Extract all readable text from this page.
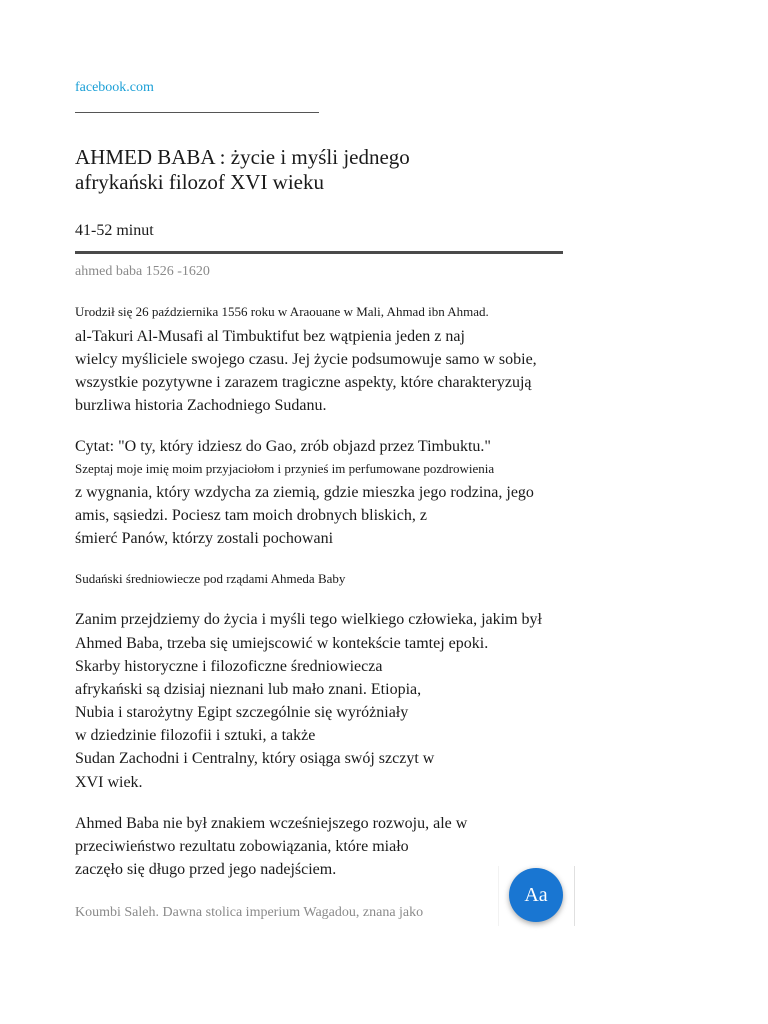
facebook.com
AHMED BABA : życie i myśli jednego
afrykański filozof XVI wieku
41-52 minut
ahmed baba 1526 -1620
Urodził się 26 października 1556 roku w Araouane w Mali, Ahmad ibn Ahmad.
al-Takuri Al-Musafi al Timbuktifut bez wątpienia jeden z naj
wielcy myśliciele swojego czasu. Jej życie podsumowuje samo w sobie,
wszystkie pozytywne i zarazem tragiczne aspekty, które charakteryzują
burzliwa historia Zachodniego Sudanu.
Cytat: "O ty, który idziesz do Gao, zrób objazd przez Timbuktu."
Szeptaj moje imię moim przyjaciołom i przynieś im perfumowane pozdrowienia
z wygnania, który wzdycha za ziemią, gdzie mieszka jego rodzina, jego
amis, sąsiedzi. Pociesz tam moich drobnych bliskich, z
śmierć Panów, którzy zostali pochowani
Sudański średniowiecze pod rządami Ahmeda Baby
Zanim przejdziemy do życia i myśli tego wielkiego człowieka, jakim był
Ahmed Baba, trzeba się umiejscowić w kontekście tamtej epoki.
Skarby historyczne i filozoficzne średniowiecza
afrykański są dzisiaj nieznani lub mało znani. Etiopia,
Nubia i starożytny Egipt szczególnie się wyróżniały
w dziedzinie filozofii i sztuki, a także
Sudan Zachodni i Centralny, który osiąga swój szczyt w
XVI wiek.
Ahmed Baba nie był znakiem wcześniejszego rozwoju, ale w
przeciwieństwo rezultatu zobowiązania, które miało
zaczęło się długo przed jego nadejściem.
Koumbi Saleh. Dawna stolica imperium Wagadou, znana jako
Aa
